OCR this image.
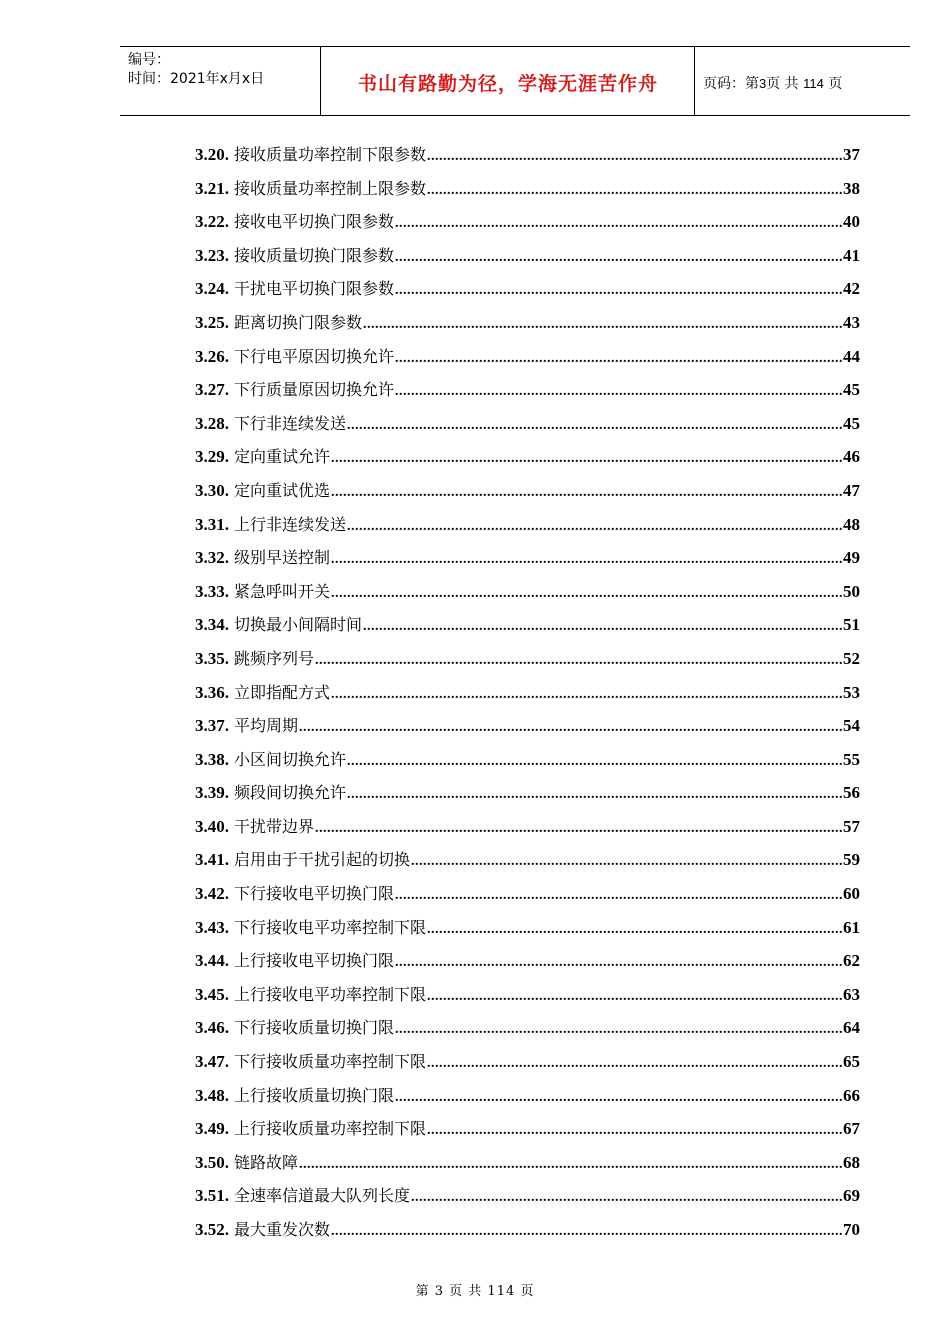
编号：
时间：2021年x月x日	书山有路勤为径，学海无涯苦作舟	页码：第3页 共 114 页
3.20. 接收质量功率控制下限参数 .....	37
3.21. 接收质量功率控制上限参数 .....	38
3.22. 接收电平切换门限参数 .....	40
3.23. 接收质量切换门限参数 .....	41
3.24. 干扰电平切换门限参数 .....	42
3.25. 距离切换门限参数 .....	43
3.26. 下行电平原因切换允许 .....	44
3.27. 下行质量原因切换允许 .....	45
3.28. 下行非连续发送 .....	45
3.29. 定向重试允许 .....	46
3.30. 定向重试优选 .....	47
3.31. 上行非连续发送 .....	48
3.32. 级别早送控制 .....	49
3.33. 紧急呼叫开关 .....	50
3.34. 切换最小间隔时间 .....	51
3.35. 跳频序列号 .....	52
3.36. 立即指配方式 .....	53
3.37. 平均周期 .....	54
3.38. 小区间切换允许 .....	55
3.39. 频段间切换允许 .....	56
3.40. 干扰带边界 .....	57
3.41. 启用由于干扰引起的切换 .....	59
3.42. 下行接收电平切换门限 .....	60
3.43. 下行接收电平功率控制下限 .....	61
3.44. 上行接收电平切换门限 .....	62
3.45. 上行接收电平功率控制下限 .....	63
3.46. 下行接收质量切换门限 .....	64
3.47. 下行接收质量功率控制下限 .....	65
3.48. 上行接收质量切换门限 .....	66
3.49. 上行接收质量功率控制下限 .....	67
3.50. 链路故障 .....	68
3.51. 全速率信道最大队列长度 .....	69
3.52. 最大重发次数 .....	70
第 3 页 共 114 页
